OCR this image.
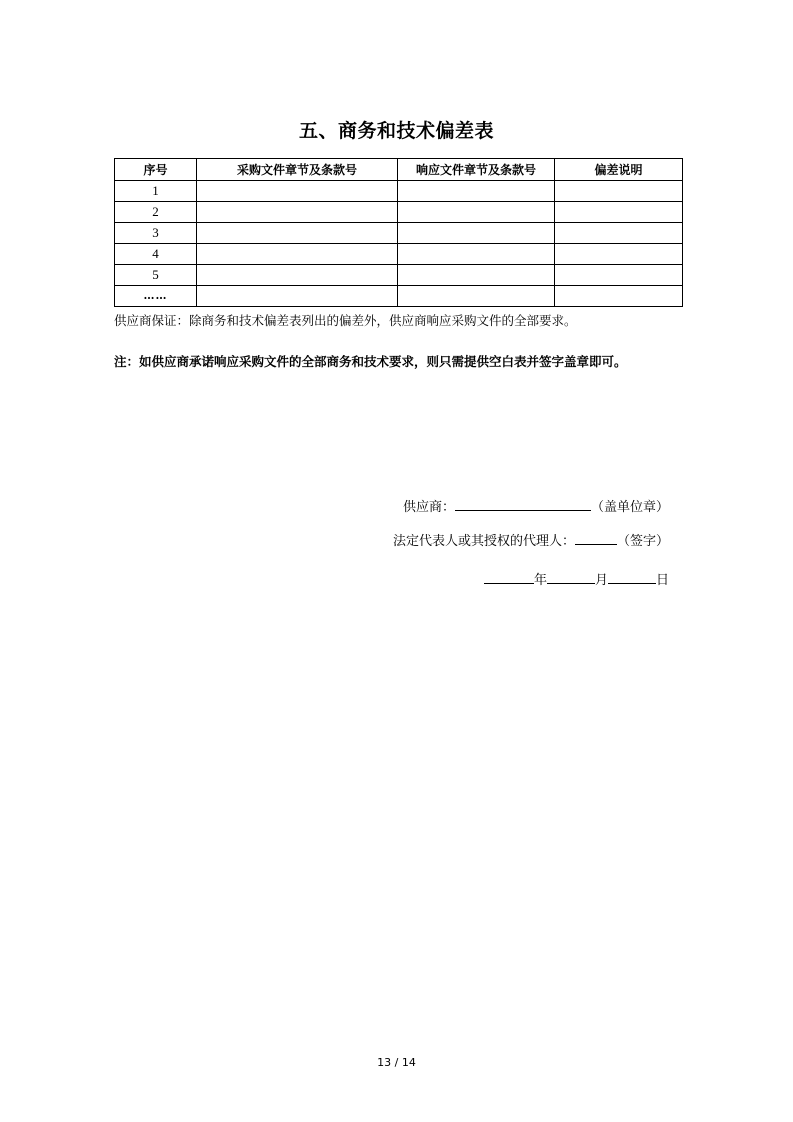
五、商务和技术偏差表
序号	采购文件章节及条款号	响应文件章节及条款号	偏差说明
1			
2			
3			
4			
5			
……			
供应商保证：除商务和技术偏差表列出的偏差外，供应商响应采购文件的全部要求。
注：如供应商承诺响应采购文件的全部商务和技术要求，则只需提供空白表并签字盖章即可。
供应商：	（盖单位章）
法定代表人或其授权的代理人：	（签字）
年	月	日
13 / 14
